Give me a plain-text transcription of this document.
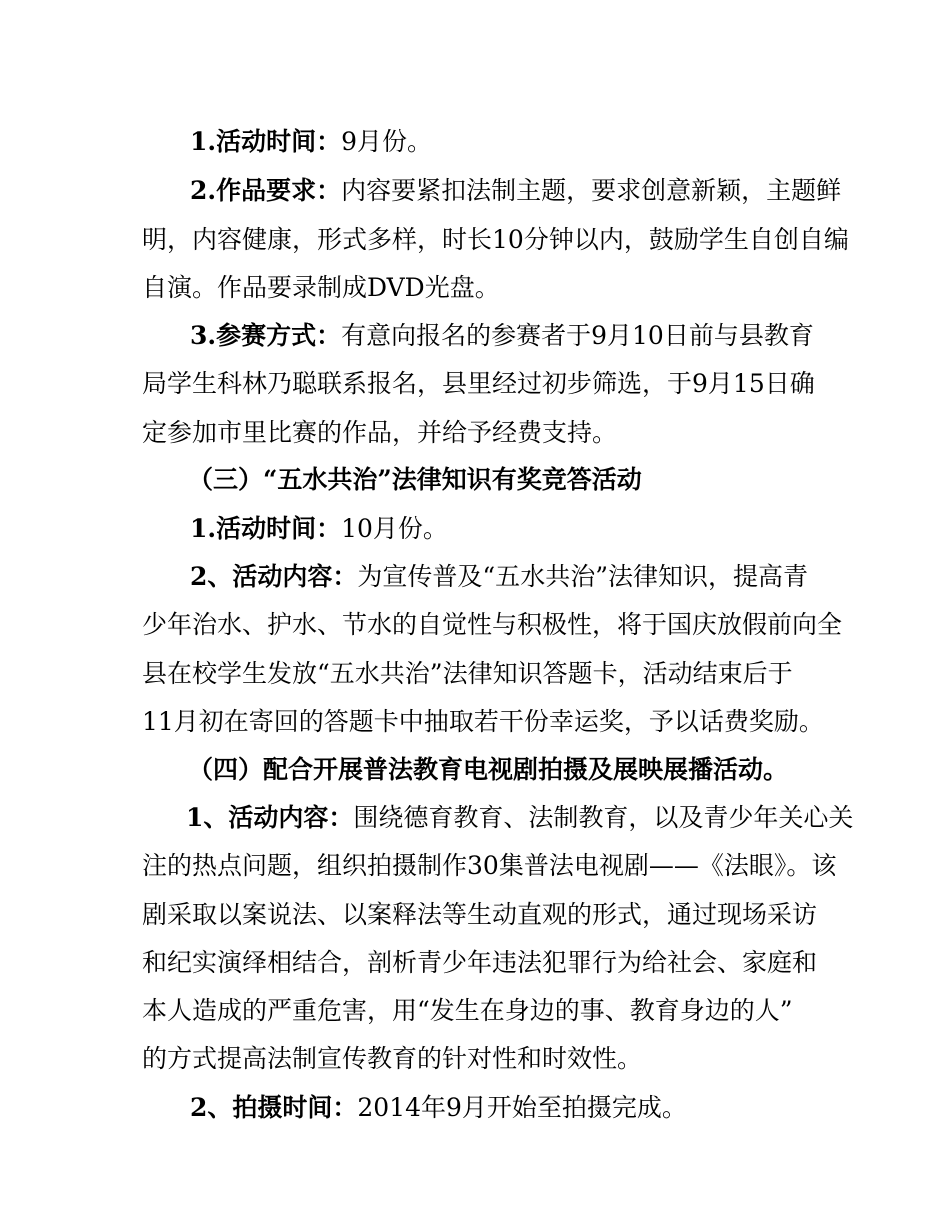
1.活动时间：9月份。
2.作品要求：内容要紧扣法制主题，要求创意新颖，主题鲜
明，内容健康，形式多样，时长10分钟以内，鼓励学生自创自编
自演。作品要录制成DVD光盘。
3.参赛方式：有意向报名的参赛者于9月10日前与县教育
局学生科林乃聪联系报名，县里经过初步筛选，于9月15日确
定参加市里比赛的作品，并给予经费支持。
（三）“五水共治”法律知识有奖竞答活动
1.活动时间：10月份。
2、活动内容：为宣传普及“五水共治”法律知识，提高青
少年治水、护水、节水的自觉性与积极性，将于国庆放假前向全
县在校学生发放“五水共治”法律知识答题卡，活动结束后于
11月初在寄回的答题卡中抽取若干份幸运奖，予以话费奖励。
（四）配合开展普法教育电视剧拍摄及展映展播活动。
1、活动内容：围绕德育教育、法制教育，以及青少年关心关
注的热点问题，组织拍摄制作30集普法电视剧——《法眼》。该
剧采取以案说法、以案释法等生动直观的形式，通过现场采访
和纪实演绎相结合，剖析青少年违法犯罪行为给社会、家庭和
本人造成的严重危害，用“发生在身边的事、教育身边的人”
的方式提高法制宣传教育的针对性和时效性。
2、拍摄时间：2014年9月开始至拍摄完成。
